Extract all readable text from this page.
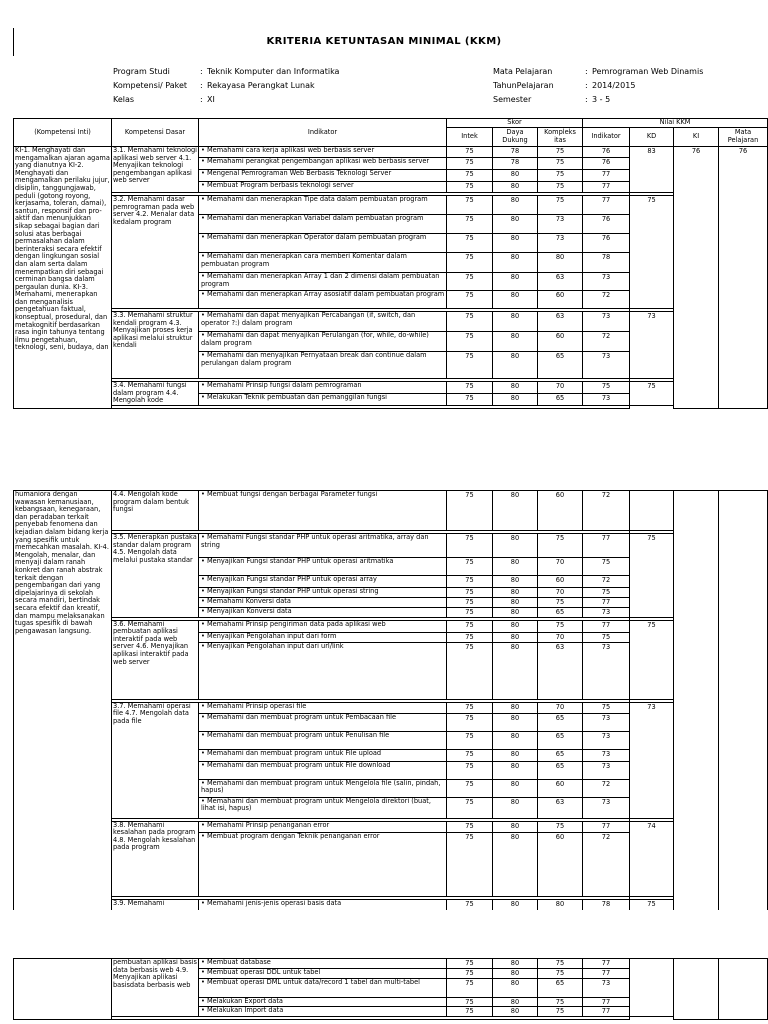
KRITERIA KETUNTASAN MINIMAL (KKM)
Program Studi	: Teknik Komputer dan Informatika
Kompetensi/ Paket : Rekayasa Perangkat Lunak
Kelas	: XI
Mata Pelajaran	: Pemrograman Web Dinamis
TahunPelajaran	: 2014/2015
Semester	: 3 - 5
(Kompetensi Inti)	Kompetensi Dasar	Indikator	Skor			Nilai KKM			
			Intek	Daya Dukung	Kompleks itas	Indikator	KD	KI	Mata Pelajaran
KI-1. Menghayati dan mengamalkan ajaran agama yang dianutnya KI-2. Menghayati dan mengamalkan perilaku jujur, disiplin, tanggungjawab, peduli (gotong royong, kerjasama, toleran, damai), santun, responsif dan pro-aktif dan menunjukkan sikap sebagai bagian dari solusi atas berbagai permasalahan dalam berinteraksi secara efektif dengan lingkungan sosial dan alam serta dalam menempatkan diri sebagai cerminan bangsa dalam pergaulan dunia. KI-3. Memahami, menerapkan dan menganalisis pengetahuan faktual, konseptual, prosedural, dan metakognitif berdasarkan rasa ingin tahunya tentang ilmu pengetahuan, teknologi, seni, budaya, dan	3.1. Memahami teknologi aplikasi web server 4.1. Menyajikan teknologi pengembangan aplikasi web server	• Memahami cara kerja aplikasi web berbasis server	75	78	75	76	83	76	76
		• Memahami perangkat pengembangan aplikasi web berbasis server	75	78	75	76			
		• Mengenal Pemrograman Web Berbasis Teknologi Server	75	80	75	77			
		• Membuat Program berbasis teknologi server	75	80	75	77			

	3.2. Memahami dasar pemrograman pada web server 4.2. Menalar data kedalam program	• Memahami dan menerapkan Tipe data dalam pembuatan program	75	80	75	77	75		
		• Memahami dan menerapkan Variabel dalam pembuatan program	75	80	73	76			
		• Memahami dan menerapkan Operator dalam pembuatan program	75	80	73	76			
		• Memahami dan menerapkan cara memberi Komentar dalam pembuatan program	75	80	80	78			
		• Memahami dan menerapkan Array 1 dan 2 dimensi dalam pembuatan program	75	80	63	73			
		• Memahami dan menerapkan Array asosiatif dalam pembuatan program	75	80	60	72			

	3.3. Memahami struktur kendali program 4.3. Menyajikan proses kerja aplikasi melalui struktur kendali	• Memahami dan dapat menyajikan Percabangan (if, switch, dan operator ?:) dalam program	75	80	63	73	73		
		• Memahami dan dapat menyajikan Perulangan (for, while, do-while) dalam program	75	80	60	72			
		• Memahami dan menyajikan Pernyataan break dan continue dalam perulangan dalam program	75	80	65	73			

	3.4. Memahami fungsi dalam program 4.4. Mengolah kode	• Memahami Prinsip fungsi dalam pemrograman	75	80	70	75	75		
		• Melakukan Teknik pembuatan dan pemanggilan fungsi	75	80	65	73			

humaniora dengan wawasan kemanusiaan, kebangsaan, kenegaraan, dan peradaban terkait penyebab fenomena dan kejadian dalam bidang kerja yang spesifik untuk memecahkan masalah. KI-4. Mengolah, menalar, dan menyaji dalam ranah konkret dan ranah abstrak terkait dengan pengembangan dari yang dipelajarinya di sekolah secara mandiri, bertindak secara efektif dan kreatif, dan mampu melaksanakan tugas spesifik di bawah pengawasan langsung.	4.4. Mengolah kode program dalam bentuk fungsi	• Membuat fungsi dengan berbagai Parameter fungsi	75	80	60	72			

	3.5. Menerapkan pustaka standar dalam program 4.5. Mengolah data melalui pustaka standar	• Memahami Fungsi standar PHP untuk operasi aritmatika, array dan string	75	80	75	77	75		
		• Menyajikan Fungsi standar PHP untuk operasi aritmatika	75	80	70	75			
		• Menyajikan Fungsi standar PHP untuk operasi array	75	80	60	72			
		• Menyajikan Fungsi standar PHP untuk operasi string	75	80	70	75			
		• Memahami Konversi data	75	80	75	77			
		• Menyajikan Konversi data	75	80	65	73			

	3.6. Memahami pembuatan aplikasi interaktif pada web server 4.6. Menyajikan aplikasi interaktif pada web server	• Memahami Prinsip pengiriman data pada aplikasi web	75	80	75	77	75		
		• Menyajikan Pengolahan input dari form	75	80	70	75			
		• Menyajikan Pengolahan input dari url/link	75	80	63	73			

	3.7. Memahami operasi file 4.7. Mengolah data pada file	• Memahami Prinsip operasi file	75	80	70	75	73		
		• Memahami dan membuat program untuk Pembacaan file	75	80	65	73			
		• Memahami dan membuat program untuk Penulisan file	75	80	65	73			
		• Memahami dan membuat program untuk File upload	75	80	65	73			
		• Memahami dan membuat program untuk File download	75	80	65	73			
		• Memahami dan membuat program untuk Mengelola file (salin, pindah, hapus)	75	80	60	72			
		• Memahami dan membuat program untuk Mengelola direktori (buat, lihat isi, hapus)	75	80	63	73			

	3.8. Memahami kesalahan pada program 4.8. Mengolah kesalahan pada program	• Memahami Prinsip penanganan error	75	80	75	77	74		
		• Membuat program dengan Teknik penanganan error	75	80	60	72			

	3.9. Memahami	• Memahami jenis-jenis operasi basis data	75	80	80	78	75		

	pembuatan aplikasi basis data berbasis web 4.9. Menyajikan aplikasi basisdata berbasis web	• Membuat database	75	80	75	77			
		• Membuat operasi DDL untuk tabel	75	80	75	77			
		• Membuat operasi DML untuk data/record 1 tabel dan multi-tabel	75	80	65	73			
		• Melakukan Export data	75	80	75	77			
		• Melakukan Import data	75	80	75	77			
